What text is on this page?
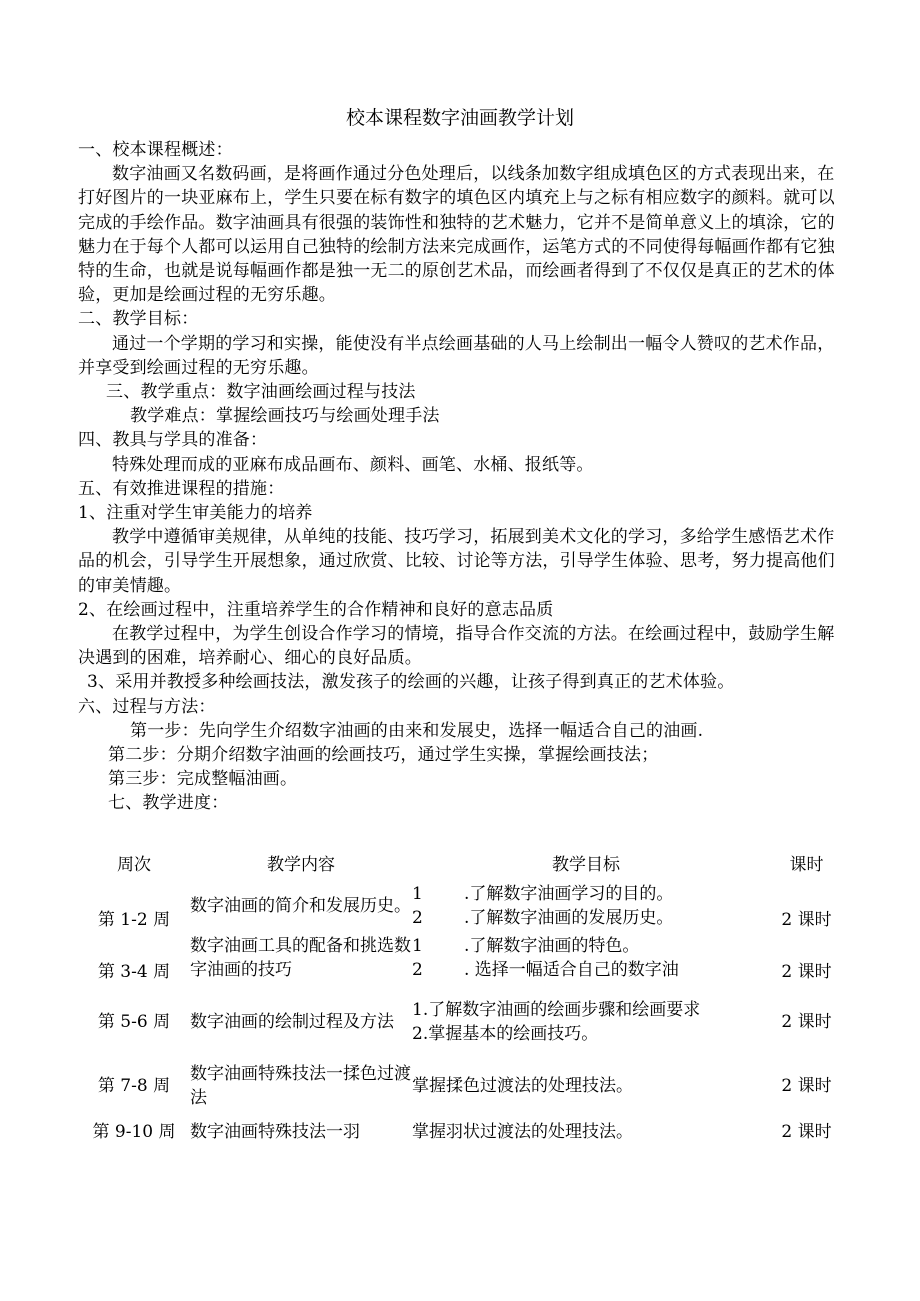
校本课程数字油画教学计划

一、校本课程概述：

数字油画又名数码画，是将画作通过分色处理后，以线条加数字组成填色区的方式表现出来，在打好图片的一块亚麻布上，学生只要在标有数字的填色区内填充上与之标有相应数字的颜料。就可以完成的手绘作品。数字油画具有很强的装饰性和独特的艺术魅力，它并不是简单意义上的填涂，它的魅力在于每个人都可以运用自己独特的绘制方法来完成画作，运笔方式的不同使得每幅画作都有它独特的生命，也就是说每幅画作都是独一无二的原创艺术品，而绘画者得到了不仅仅是真正的艺术的体验，更加是绘画过程的无穷乐趣。

二、教学目标：

通过一个学期的学习和实操，能使没有半点绘画基础的人马上绘制出一幅令人赞叹的艺术作品，并享受到绘画过程的无穷乐趣。

三、教学重点：数字油画绘画过程与技法

教学难点：掌握绘画技巧与绘画处理手法

四、教具与学具的准备：

特殊处理而成的亚麻布成品画布、颜料、画笔、水桶、报纸等。

五、有效推进课程的措施：

1、注重对学生审美能力的培养

教学中遵循审美规律，从单纯的技能、技巧学习，拓展到美术文化的学习，多给学生感悟艺术作品的机会，引导学生开展想象，通过欣赏、比较、讨论等方法，引导学生体验、思考，努力提高他们的审美情趣。

2、在绘画过程中，注重培养学生的合作精神和良好的意志品质

在教学过程中，为学生创设合作学习的情境，指导合作交流的方法。在绘画过程中，鼓励学生解决遇到的困难，培养耐心、细心的良好品质。

3、采用并教授多种绘画技法，激发孩子的绘画的兴趣，让孩子得到真正的艺术体验。

六、过程与方法：

第一步：先向学生介绍数字油画的由来和发展史，选择一幅适合自己的油画.

第二步：分期介绍数字油画的绘画技巧，通过学生实操，掌握绘画技法；

第三步：完成整幅油画。

七、教学进度：

周次	教学内容	教学目标	课时
第 1-2 周	数字油画的简介和发展历史。	1 .了解数字油画学习的目的。
2 .了解数字油画的发展历史。	2 课时
第 3-4 周	数字油画工具的配备和挑选数字油画的技巧	1 .了解数字油画的特色。
2 . 选择一幅适合自己的数字油	2 课时
第 5-6 周	数字油画的绘制过程及方法	1.了解数字油画的绘画步骤和绘画要求
2.掌握基本的绘画技巧。	2 课时
第 7-8 周	数字油画特殊技法一揉色过渡法	掌握揉色过渡法的处理技法。	2 课时
第 9-10 周	数字油画特殊技法一羽	掌握羽状过渡法的处理技法。	2 课时
